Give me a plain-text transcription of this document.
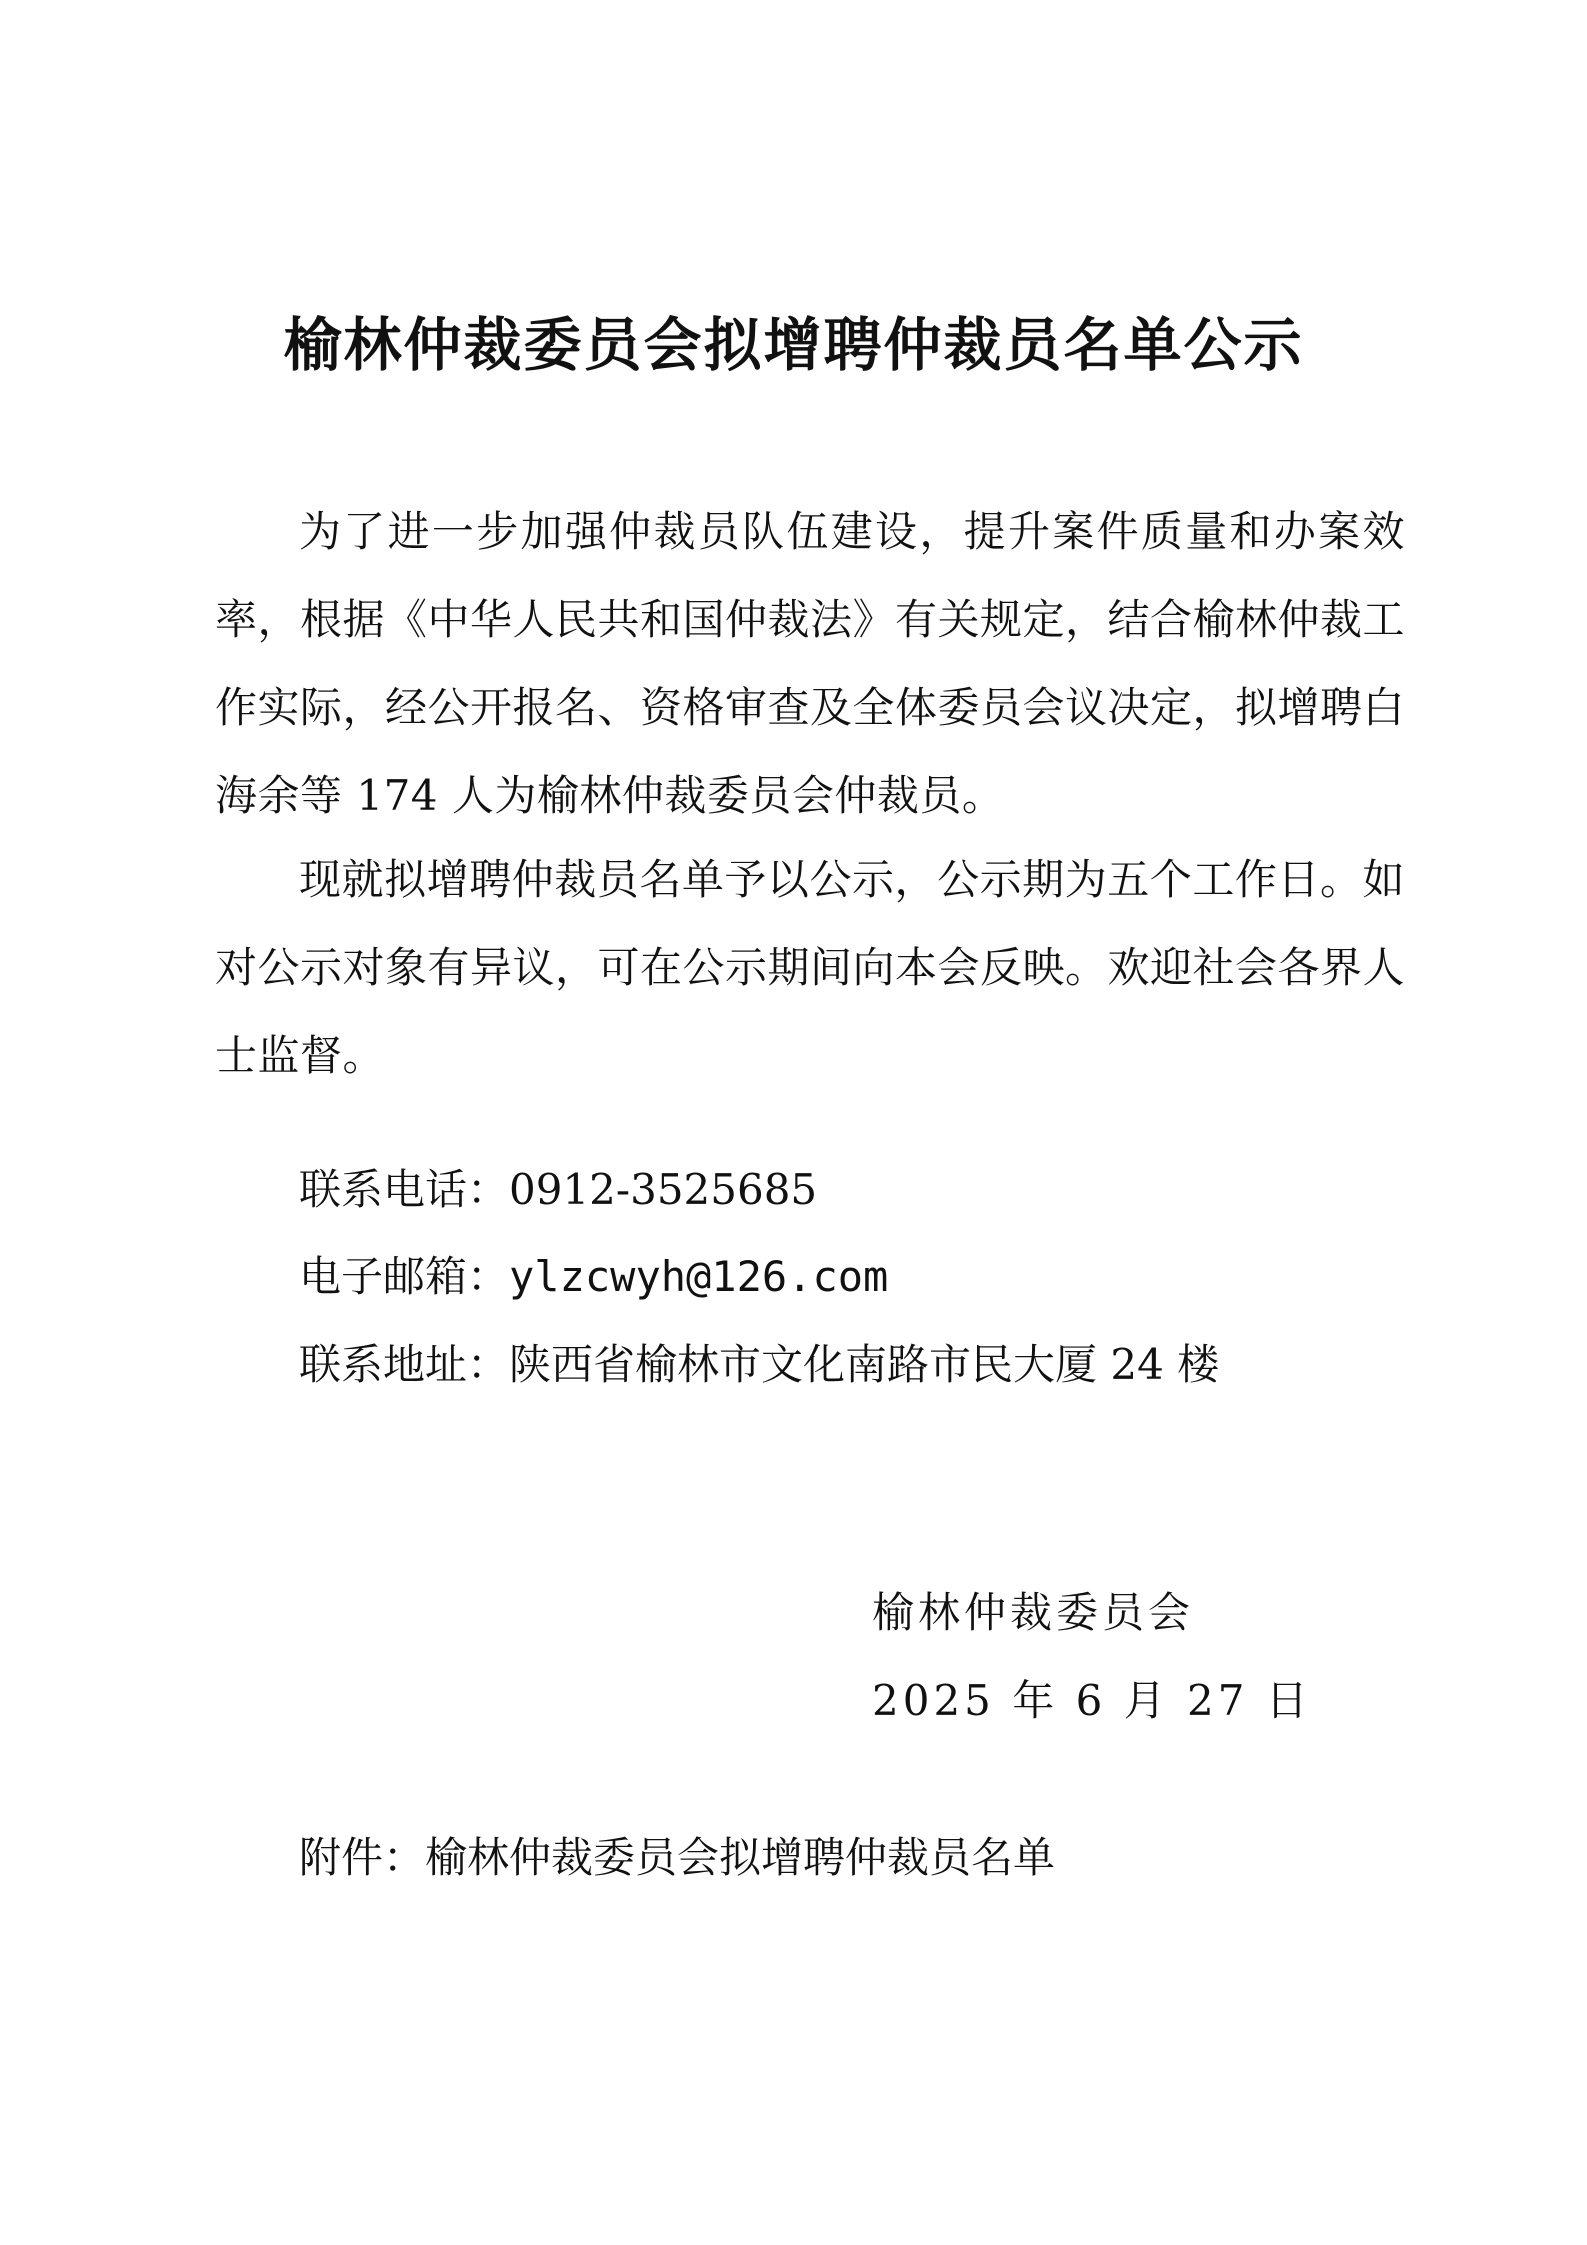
榆林仲裁委员会拟增聘仲裁员名单公示

为了进一步加强仲裁员队伍建设，提升案件质量和办案效率，根据《中华人民共和国仲裁法》有关规定，结合榆林仲裁工作实际，经公开报名、资格审查及全体委员会议决定，拟增聘白海余等 174 人为榆林仲裁委员会仲裁员。

现就拟增聘仲裁员名单予以公示，公示期为五个工作日。如对公示对象有异议，可在公示期间向本会反映。欢迎社会各界人士监督。

联系电话：0912-3525685

电子邮箱：ylzcwyh@126.com

联系地址：陕西省榆林市文化南路市民大厦 24 楼

榆林仲裁委员会

2025 年 6 月 27 日

附件：榆林仲裁委员会拟增聘仲裁员名单
